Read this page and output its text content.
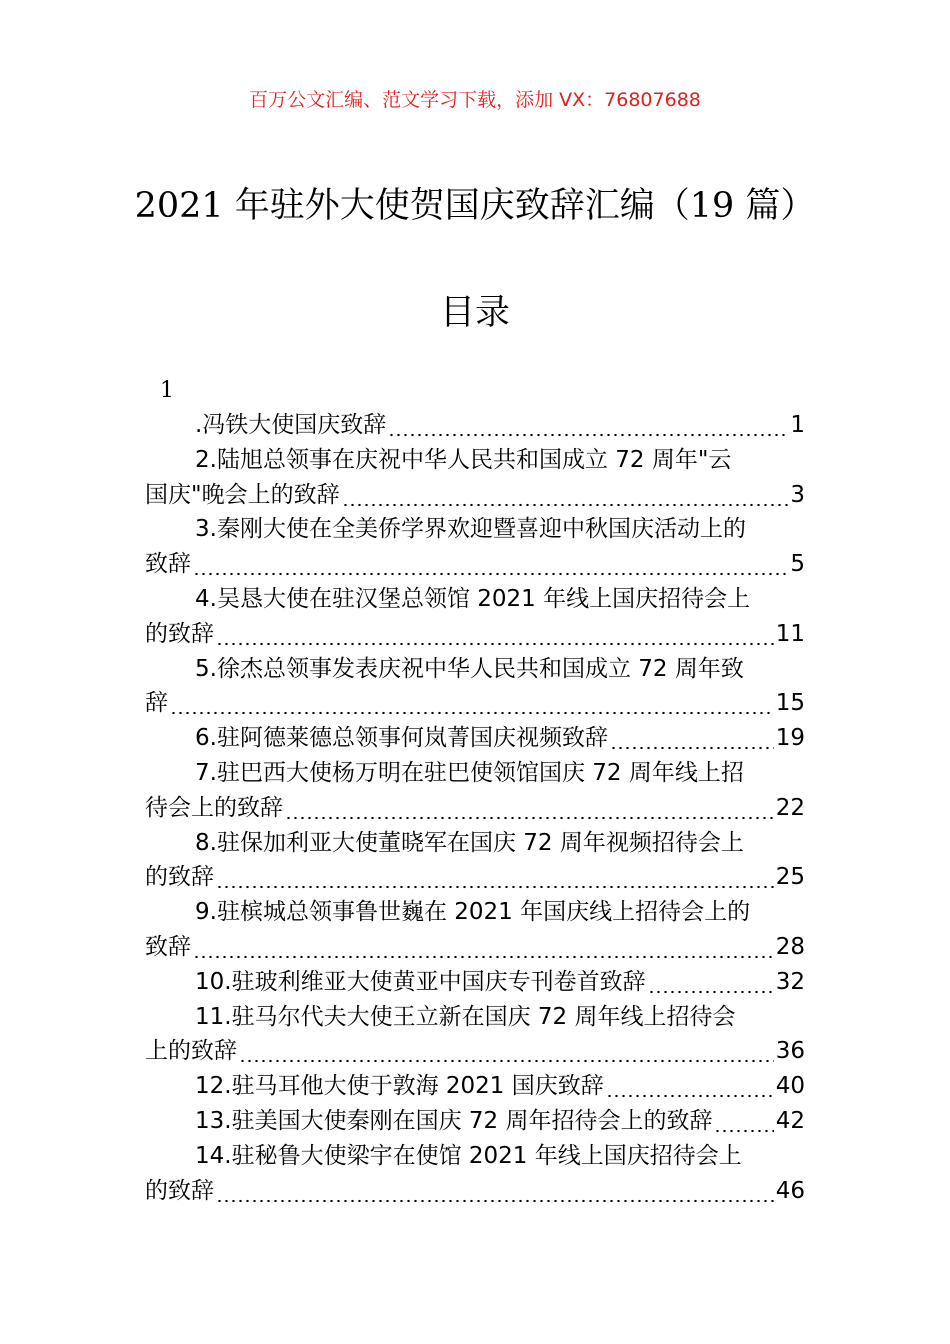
百万公文汇编、范文学习下载，添加 VX：76807688
2021 年驻外大使贺国庆致辞汇编（19 篇）
目录
1
.冯铁大使国庆致辞	1
2.陆旭总领事在庆祝中华人民共和国成立 72 周年"云
国庆"晚会上的致辞	3
3.秦刚大使在全美侨学界欢迎暨喜迎中秋国庆活动上的
致辞	5
4.吴恳大使在驻汉堡总领馆 2021 年线上国庆招待会上
的致辞	11
5.徐杰总领事发表庆祝中华人民共和国成立 72 周年致
辞	15
6.驻阿德莱德总领事何岚菁国庆视频致辞	19
7.驻巴西大使杨万明在驻巴使领馆国庆 72 周年线上招
待会上的致辞	22
8.驻保加利亚大使董晓军在国庆 72 周年视频招待会上
的致辞	25
9.驻槟城总领事鲁世巍在 2021 年国庆线上招待会上的
致辞	28
10.驻玻利维亚大使黄亚中国庆专刊卷首致辞	32
11.驻马尔代夫大使王立新在国庆 72 周年线上招待会
上的致辞	36
12.驻马耳他大使于敦海 2021 国庆致辞	40
13.驻美国大使秦刚在国庆 72 周年招待会上的致辞	42
14.驻秘鲁大使梁宇在使馆 2021 年线上国庆招待会上
的致辞	46
